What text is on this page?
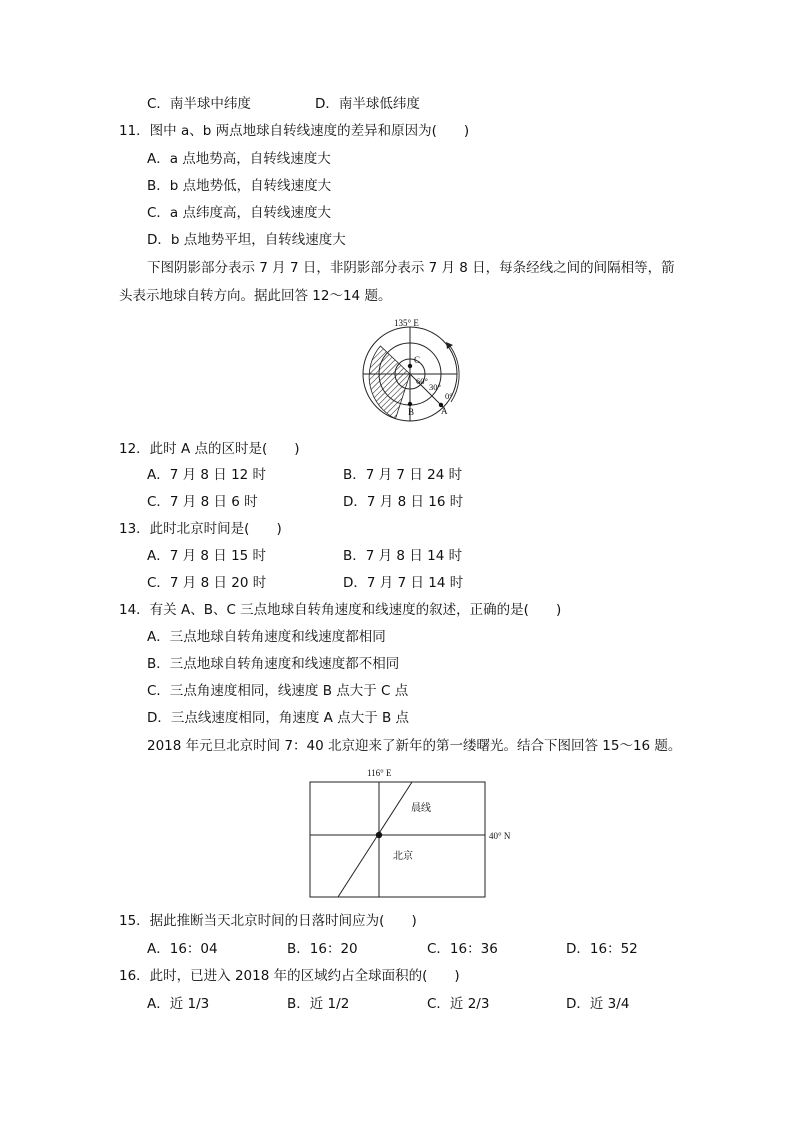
C．南半球中纬度	D．南半球低纬度
11．图中 a、b 两点地球自转线速度的差异和原因为(　　)
A．a 点地势高，自转线速度大
B．b 点地势低，自转线速度大
C．a 点纬度高，自转线速度大
D．b 点地势平坦，自转线速度大
下图阴影部分表示 7 月 7 日，非阴影部分表示 7 月 8 日，每条经线之间的间隔相等，箭
头表示地球自转方向。据此回答 12～14 题。
135° E
C
60°
30°
0°
B	A
12．此时 A 点的区时是(　　)
A．7 月 8 日 12 时	B．7 月 7 日 24 时
C．7 月 8 日 6 时	D．7 月 8 日 16 时
13．此时北京时间是(　　)
A．7 月 8 日 15 时	B．7 月 8 日 14 时
C．7 月 8 日 20 时	D．7 月 7 日 14 时
14．有关 A、B、C 三点地球自转角速度和线速度的叙述，正确的是(　　)
A．三点地球自转角速度和线速度都相同
B．三点地球自转角速度和线速度都不相同
C．三点角速度相同，线速度 B 点大于 C 点
D．三点线速度相同，角速度 A 点大于 B 点
2018 年元旦北京时间 7：40 北京迎来了新年的第一缕曙光。结合下图回答 15～16 题。
116° E
40° N
晨线
北京
15．据此推断当天北京时间的日落时间应为(　　)
A．16：04	B．16：20	C．16：36	D．16：52
16．此时，已进入 2018 年的区域约占全球面积的(　　)
A．近 1/3	B．近 1/2	C．近 2/3	D．近 3/4
